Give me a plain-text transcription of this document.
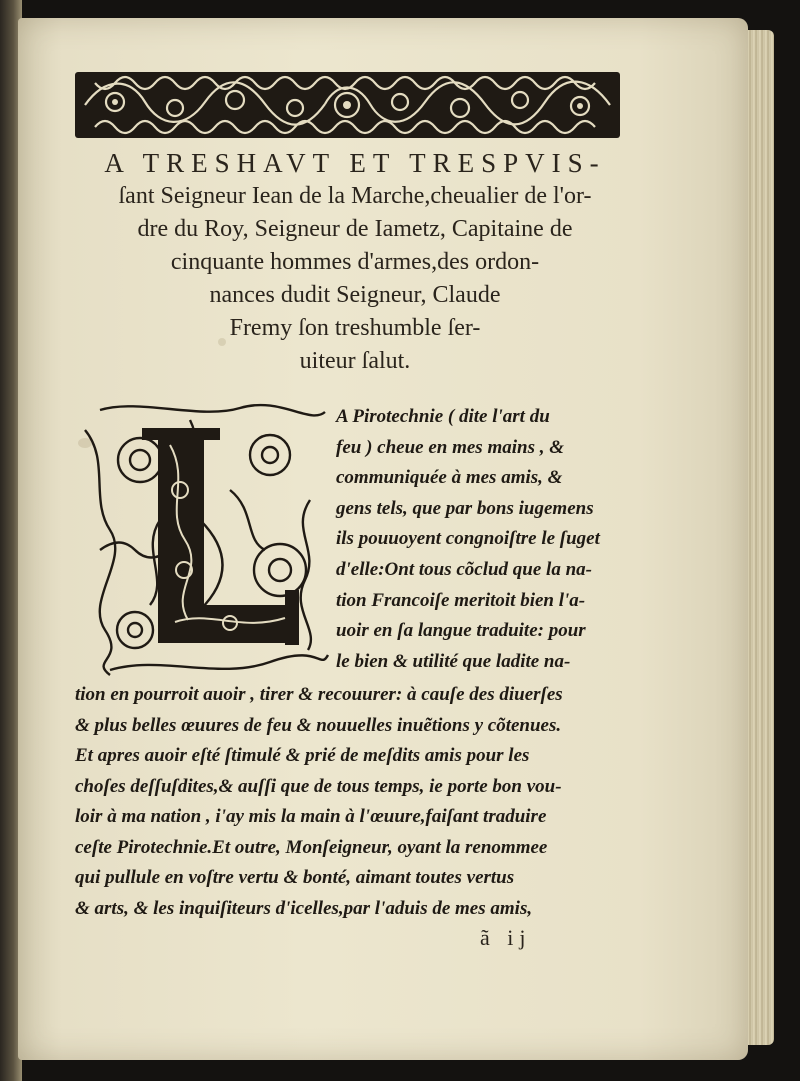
A TRESHAVT ET TRESPVIS-
ſant Seigneur Iean de la Marche,cheualier de l'or-
dre du Roy, Seigneur de Iametz, Capitaine de
cinquante hommes d'armes,des ordon-
nances dudit Seigneur, Claude
Fremy ſon treshumble ſer-
uiteur ſalut.
A Pirotechnie ( dite l'art du
feu ) cheue en mes mains , &
communiquée à mes amis, &
gens tels, que par bons iugemens
ils pouuoyent congnoiſtre le ſuget
d'elle:Ont tous cõclud que la na-
tion Francoiſe meritoit bien l'a-
uoir en ſa langue traduite: pour
le bien & utilité que ladite na-
tion en pourroit auoir , tirer & recouurer: à cauſe des diuerſes
& plus belles œuures de feu & nouuelles inuẽtions y cõtenues.
Et apres auoir eſté ſtimulé & prié de meſdits amis pour les
choſes deſſuſdites,& auſſi que de tous temps, ie porte bon vou-
loir à ma nation , i'ay mis la main à l'œuure,faiſant traduire
ceſte Pirotechnie.Et outre, Monſeigneur, oyant la renommee
qui pullule en voſtre vertu & bonté, aimant toutes vertus
& arts, & les inquiſiteurs d'icelles,par l'aduis de mes amis,
ã ij
